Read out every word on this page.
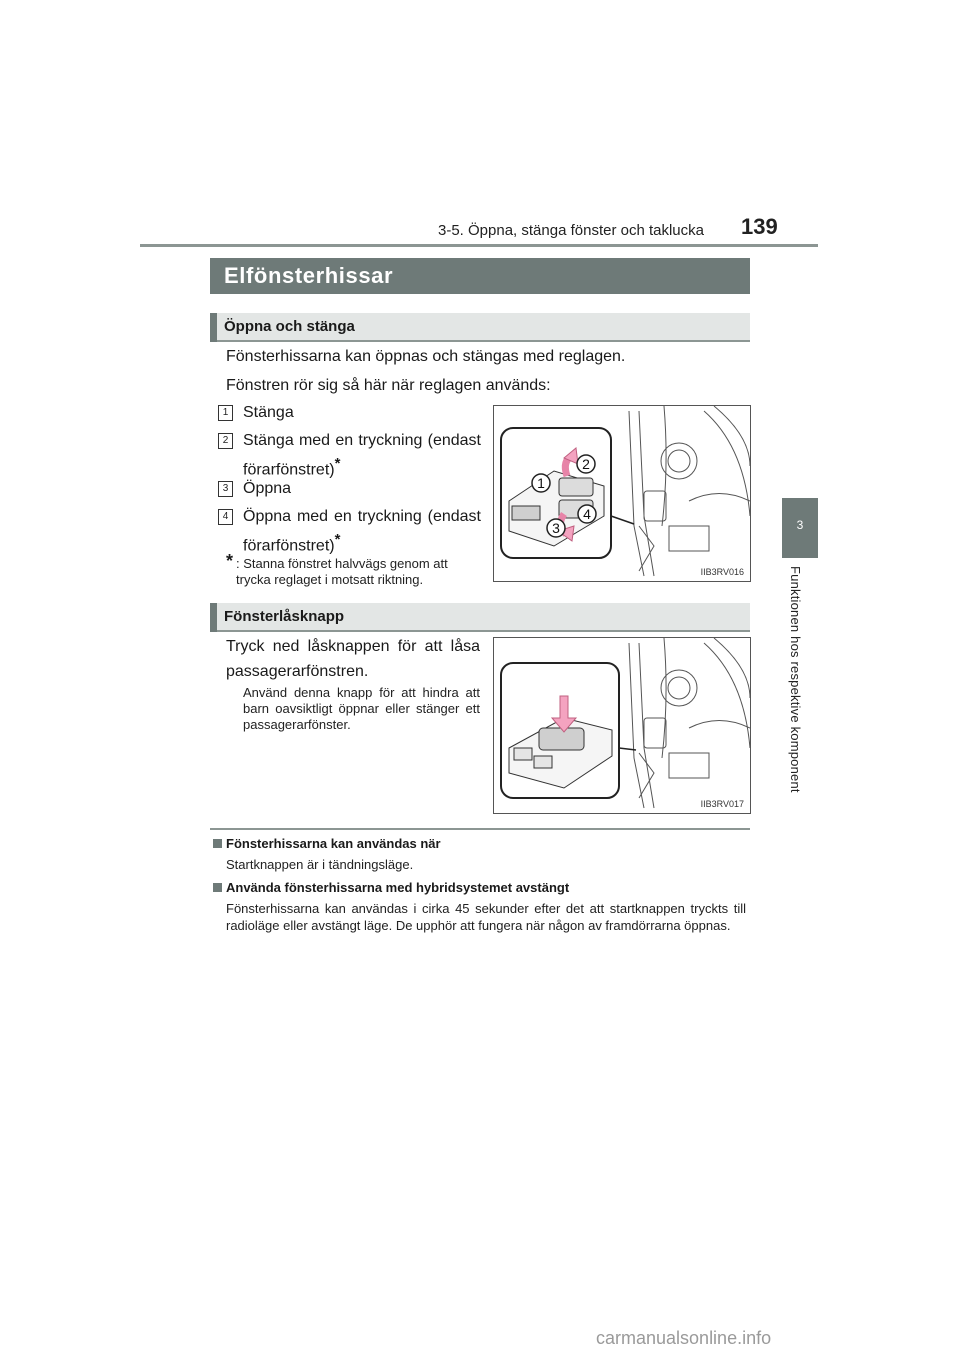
3-5. Öppna, stänga fönster och taklucka 139
3
Funktionen hos respektive komponent
Elfönsterhissar
Öppna och stänga
Fönsterhissarna kan öppnas och stängas med reglagen.
Fönstren rör sig så här när reglagen används:
1 Stänga
2 Stänga med en tryckning (endast förarfönstret)*
3 Öppna
4 Öppna med en tryckning (endast förarfönstret)*
* : Stanna fönstret halvvägs genom att trycka reglaget i motsatt riktning.
1
2
3
4
IIB3RV016
Fönsterlåsknapp
Tryck ned låsknappen för att låsa passagerarfönstren.
Använd denna knapp för att hindra att barn oavsiktligt öppnar eller stänger ett passagerarfönster.
IIB3RV017
Fönsterhissarna kan användas när
Startknappen är i tändningsläge.
Använda fönsterhissarna med hybridsystemet avstängt
Fönsterhissarna kan användas i cirka 45 sekunder efter det att startknappen tryckts till radioläge eller avstängt läge. De upphör att fungera när någon av framdörrarna öppnas.
carmanualsonline.info
